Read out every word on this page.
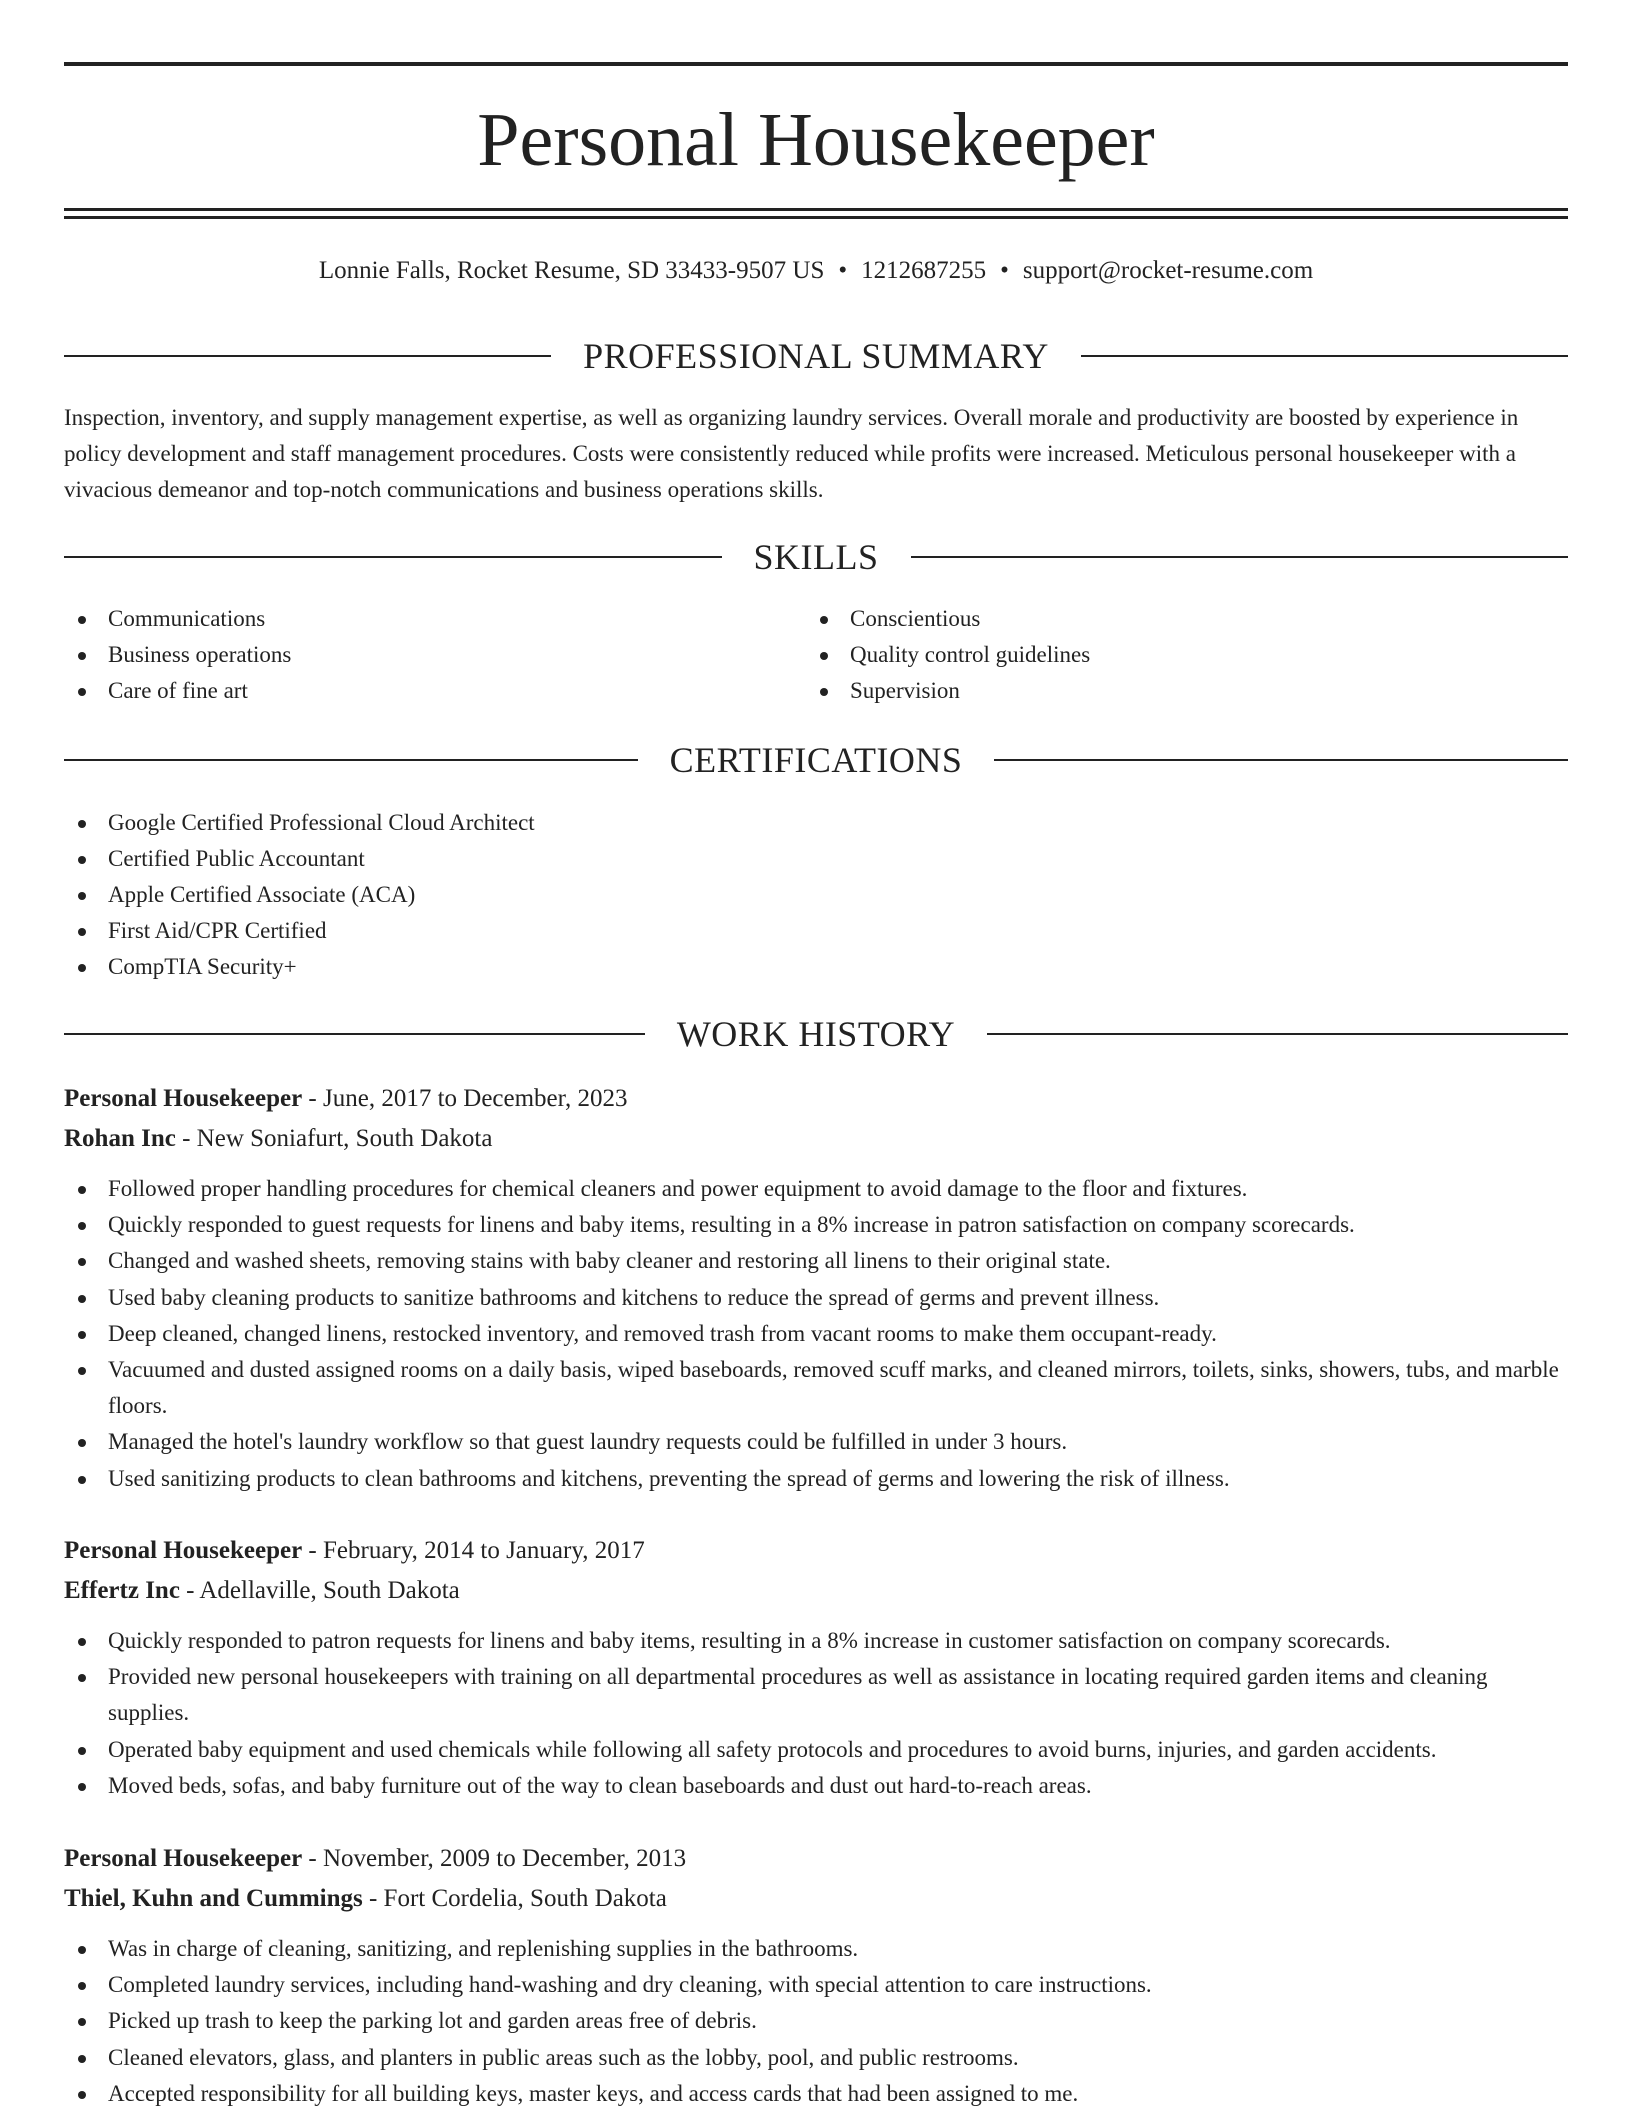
Personal Housekeeper
Lonnie Falls, Rocket Resume, SD 33433-9507 US • 1212687255 • support@rocket-resume.com
PROFESSIONAL SUMMARY

Inspection, inventory, and supply management expertise, as well as organizing laundry services. Overall morale and productivity are boosted by experience in policy development and staff management procedures. Costs were consistently reduced while profits were increased. Meticulous personal housekeeper with a vivacious demeanor and top-notch communications and business operations skills.

SKILLS
Communications
Business operations
Care of fine art
Conscientious
Quality control guidelines
Supervision
CERTIFICATIONS
Google Certified Professional Cloud Architect
Certified Public Accountant
Apple Certified Associate (ACA)
First Aid/CPR Certified
CompTIA Security+
WORK HISTORY
Personal Housekeeper - June, 2017 to December, 2023
Rohan Inc - New Soniafurt, South Dakota
Followed proper handling procedures for chemical cleaners and power equipment to avoid damage to the floor and fixtures.
Quickly responded to guest requests for linens and baby items, resulting in a 8% increase in patron satisfaction on company scorecards.
Changed and washed sheets, removing stains with baby cleaner and restoring all linens to their original state.
Used baby cleaning products to sanitize bathrooms and kitchens to reduce the spread of germs and prevent illness.
Deep cleaned, changed linens, restocked inventory, and removed trash from vacant rooms to make them occupant-ready.
Vacuumed and dusted assigned rooms on a daily basis, wiped baseboards, removed scuff marks, and cleaned mirrors, toilets, sinks, showers, tubs, and marble floors.
Managed the hotel's laundry workflow so that guest laundry requests could be fulfilled in under 3 hours.
Used sanitizing products to clean bathrooms and kitchens, preventing the spread of germs and lowering the risk of illness.
Personal Housekeeper - February, 2014 to January, 2017
Effertz Inc - Adellaville, South Dakota
Quickly responded to patron requests for linens and baby items, resulting in a 8% increase in customer satisfaction on company scorecards.
Provided new personal housekeepers with training on all departmental procedures as well as assistance in locating required garden items and cleaning supplies.
Operated baby equipment and used chemicals while following all safety protocols and procedures to avoid burns, injuries, and garden accidents.
Moved beds, sofas, and baby furniture out of the way to clean baseboards and dust out hard-to-reach areas.
Personal Housekeeper - November, 2009 to December, 2013
Thiel, Kuhn and Cummings - Fort Cordelia, South Dakota
Was in charge of cleaning, sanitizing, and replenishing supplies in the bathrooms.
Completed laundry services, including hand-washing and dry cleaning, with special attention to care instructions.
Picked up trash to keep the parking lot and garden areas free of debris.
Cleaned elevators, glass, and planters in public areas such as the lobby, pool, and public restrooms.
Accepted responsibility for all building keys, master keys, and access cards that had been assigned to me.
